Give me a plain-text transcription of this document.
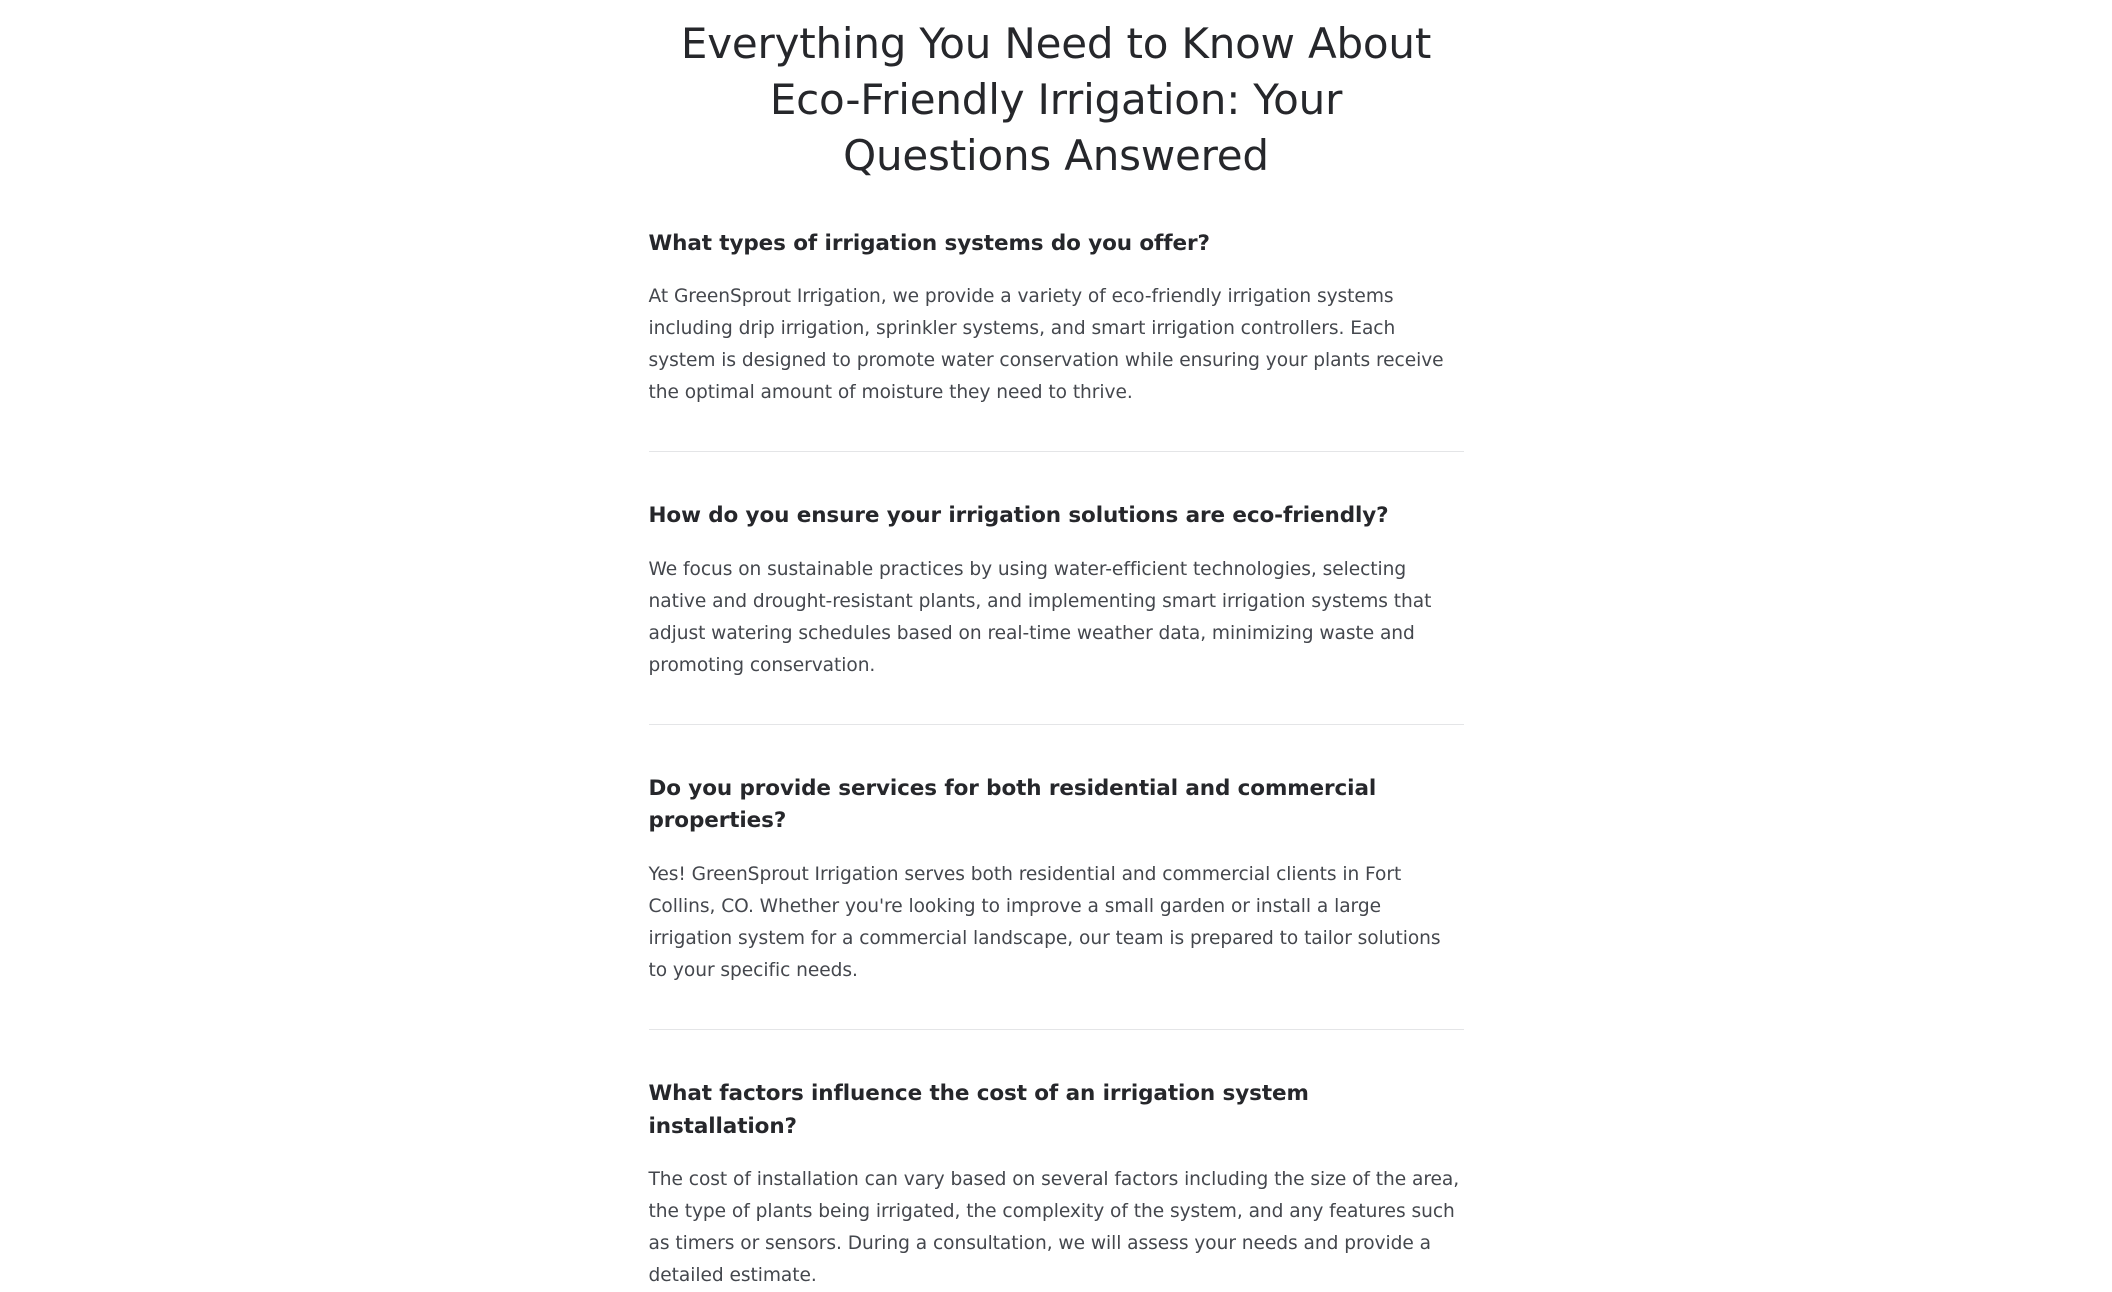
Everything You Need to Know About Eco-Friendly Irrigation: Your Questions Answered
What types of irrigation systems do you offer?

At GreenSprout Irrigation, we provide a variety of eco-friendly irrigation systems including drip irrigation, sprinkler systems, and smart irrigation controllers. Each system is designed to promote water conservation while ensuring your plants receive the optimal amount of moisture they need to thrive.

How do you ensure your irrigation solutions are eco-friendly?

We focus on sustainable practices by using water-efficient technologies, selecting native and drought-resistant plants, and implementing smart irrigation systems that adjust watering schedules based on real-time weather data, minimizing waste and promoting conservation.

Do you provide services for both residential and commercial properties?

Yes! GreenSprout Irrigation serves both residential and commercial clients in Fort Collins, CO. Whether you're looking to improve a small garden or install a large irrigation system for a commercial landscape, our team is prepared to tailor solutions to your specific needs.

What factors influence the cost of an irrigation system installation?

The cost of installation can vary based on several factors including the size of the area, the type of plants being irrigated, the complexity of the system, and any features such as timers or sensors. During a consultation, we will assess your needs and provide a detailed estimate.
